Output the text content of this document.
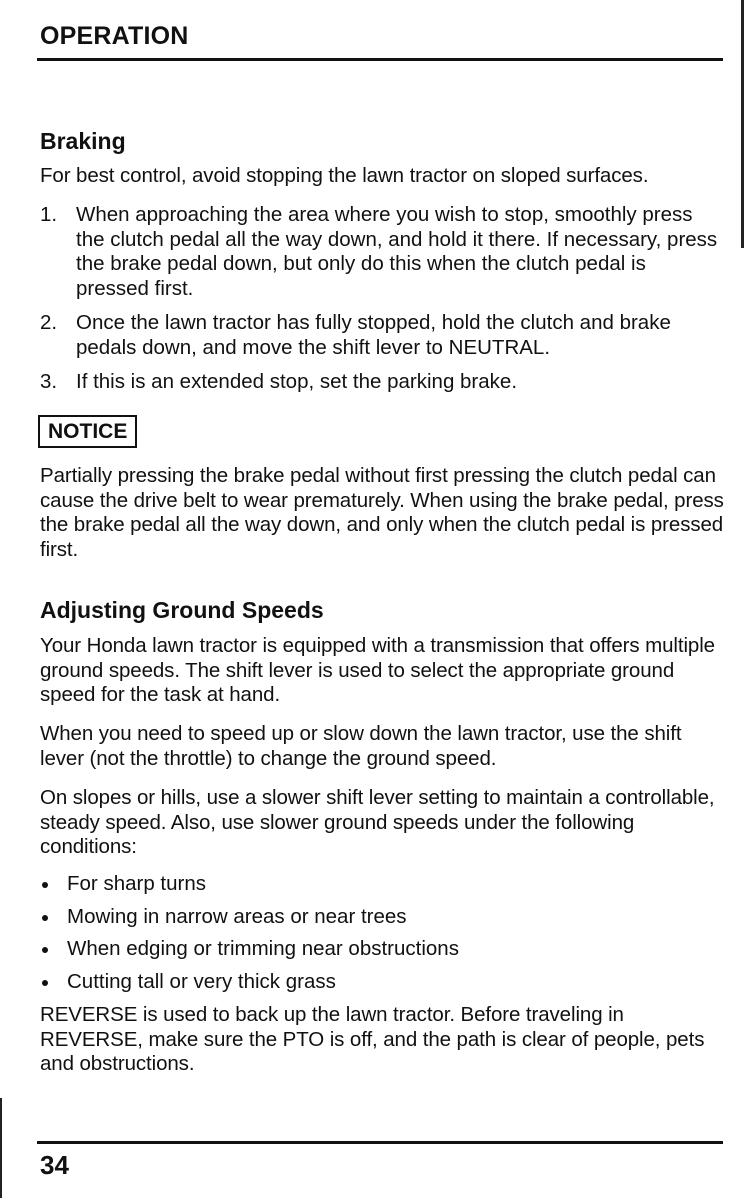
OPERATION
Braking
For best control, avoid stopping the lawn tractor on sloped surfaces.
1. When approaching the area where you wish to stop, smoothly press the clutch pedal all the way down, and hold it there. If necessary, press the brake pedal down, but only do this when the clutch pedal is pressed first.
2. Once the lawn tractor has fully stopped, hold the clutch and brake pedals down, and move the shift lever to NEUTRAL.
3. If this is an extended stop, set the parking brake.
NOTICE
Partially pressing the brake pedal without first pressing the clutch pedal can cause the drive belt to wear prematurely. When using the brake pedal, press the brake pedal all the way down, and only when the clutch pedal is pressed first.
Adjusting Ground Speeds
Your Honda lawn tractor is equipped with a transmission that offers multiple ground speeds. The shift lever is used to select the appropriate ground speed for the task at hand.
When you need to speed up or slow down the lawn tractor, use the shift lever (not the throttle) to change the ground speed.
On slopes or hills, use a slower shift lever setting to maintain a controllable, steady speed. Also, use slower ground speeds under the following conditions:
For sharp turns
Mowing in narrow areas or near trees
When edging or trimming near obstructions
Cutting tall or very thick grass
REVERSE is used to back up the lawn tractor. Before traveling in REVERSE, make sure the PTO is off, and the path is clear of people, pets and obstructions.
34
